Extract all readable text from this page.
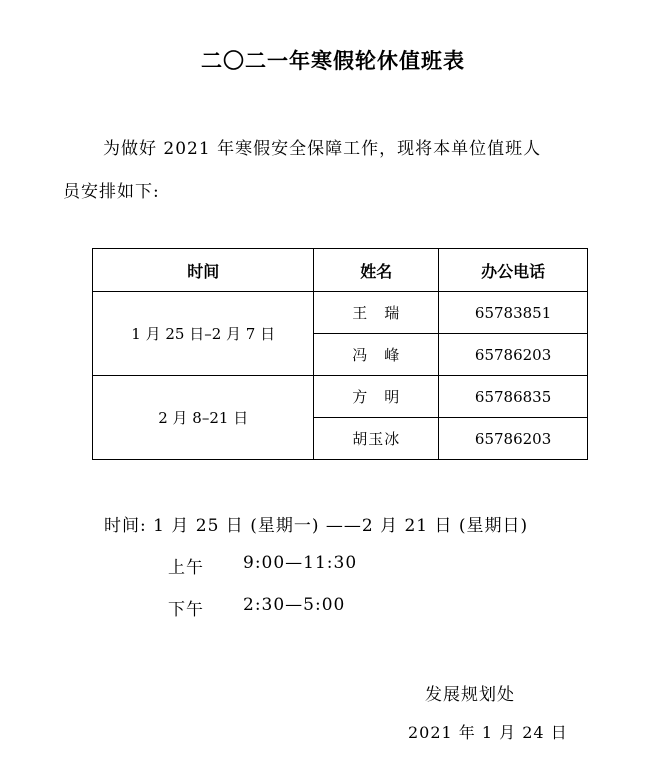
二〇二一年寒假轮休值班表
为做好 2021 年寒假安全保障工作，现将本单位值班人
员安排如下:
时间	姓名	办公电话
1 月 25 日–2 月 7 日	王　瑞	65783851
	冯　峰	65786203
2 月 8–21 日	方　明	65786835
	胡玉冰	65786203
时间: 1 月 25 日 (星期一) ——2 月 21 日 (星期日)
上午 9:00—11:30
下午 2:30—5:00
发展规划处
2021 年 1 月 24 日
